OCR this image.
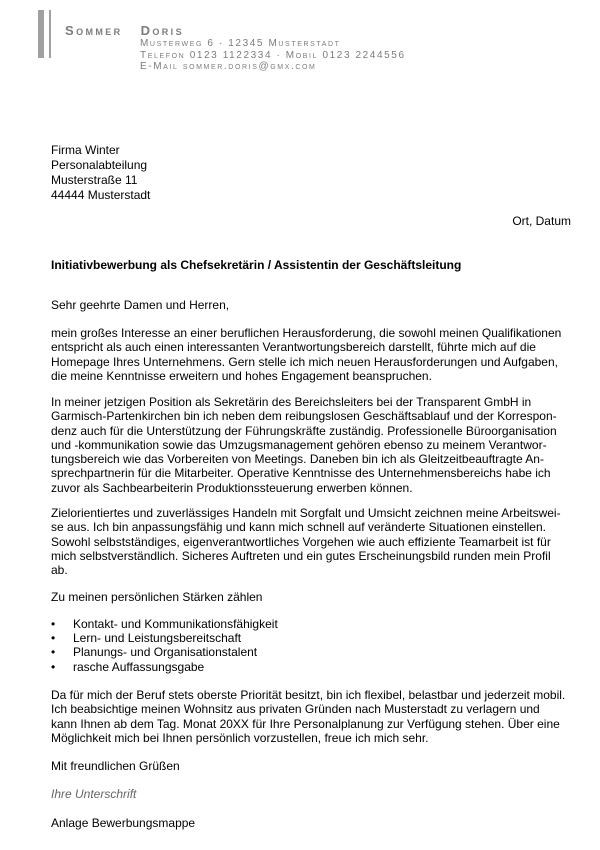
Sommer Doris
Musterweg 6 · 12345 Musterstadt
Telefon 0123 1122334 · Mobil 0123 2244556
E-Mail sommer.doris@gmx.com
Firma Winter
Personalabteilung
Musterstraße 11
44444 Musterstadt
Ort, Datum
Initiativbewerbung als Chefsekretärin / Assistentin der Geschäftsleitung
Sehr geehrte Damen und Herren,
mein großes Interesse an einer beruflichen Herausforderung, die sowohl meinen Qualifikationen
entspricht als auch einen interessanten Verantwortungsbereich darstellt, führte mich auf die
Homepage Ihres Unternehmens. Gern stelle ich mich neuen Herausforderungen und Aufgaben,
die meine Kenntnisse erweitern und hohes Engagement beanspruchen.
In meiner jetzigen Position als Sekretärin des Bereichsleiters bei der Transparent GmbH in
Garmisch-Partenkirchen bin ich neben dem reibungslosen Geschäftsablauf und der Korrespon-
denz auch für die Unterstützung der Führungskräfte zuständig. Professionelle Büroorganisation
und -kommunikation sowie das Umzugsmanagement gehören ebenso zu meinem Verantwor-
tungsbereich wie das Vorbereiten von Meetings. Daneben bin ich als Gleitzeitbeauftragte An-
sprechpartnerin für die Mitarbeiter. Operative Kenntnisse des Unternehmensbereichs habe ich
zuvor als Sachbearbeiterin Produktionssteuerung erwerben können.
Zielorientiertes und zuverlässiges Handeln mit Sorgfalt und Umsicht zeichnen meine Arbeitswei-
se aus. Ich bin anpassungsfähig und kann mich schnell auf veränderte Situationen einstellen.
Sowohl selbstständiges, eigenverantwortliches Vorgehen wie auch effiziente Teamarbeit ist für
mich selbstverständlich. Sicheres Auftreten und ein gutes Erscheinungsbild runden mein Profil
ab.
Zu meinen persönlichen Stärken zählen
• Kontakt- und Kommunikationsfähigkeit
• Lern- und Leistungsbereitschaft
• Planungs- und Organisationstalent
• rasche Auffassungsgabe
Da für mich der Beruf stets oberste Priorität besitzt, bin ich flexibel, belastbar und jederzeit mobil.
Ich beabsichtige meinen Wohnsitz aus privaten Gründen nach Musterstadt zu verlagern und
kann Ihnen ab dem Tag. Monat 20XX für Ihre Personalplanung zur Verfügung stehen. Über eine
Möglichkeit mich bei Ihnen persönlich vorzustellen, freue ich mich sehr.
Mit freundlichen Grüßen
Ihre Unterschrift
Anlage Bewerbungsmappe
